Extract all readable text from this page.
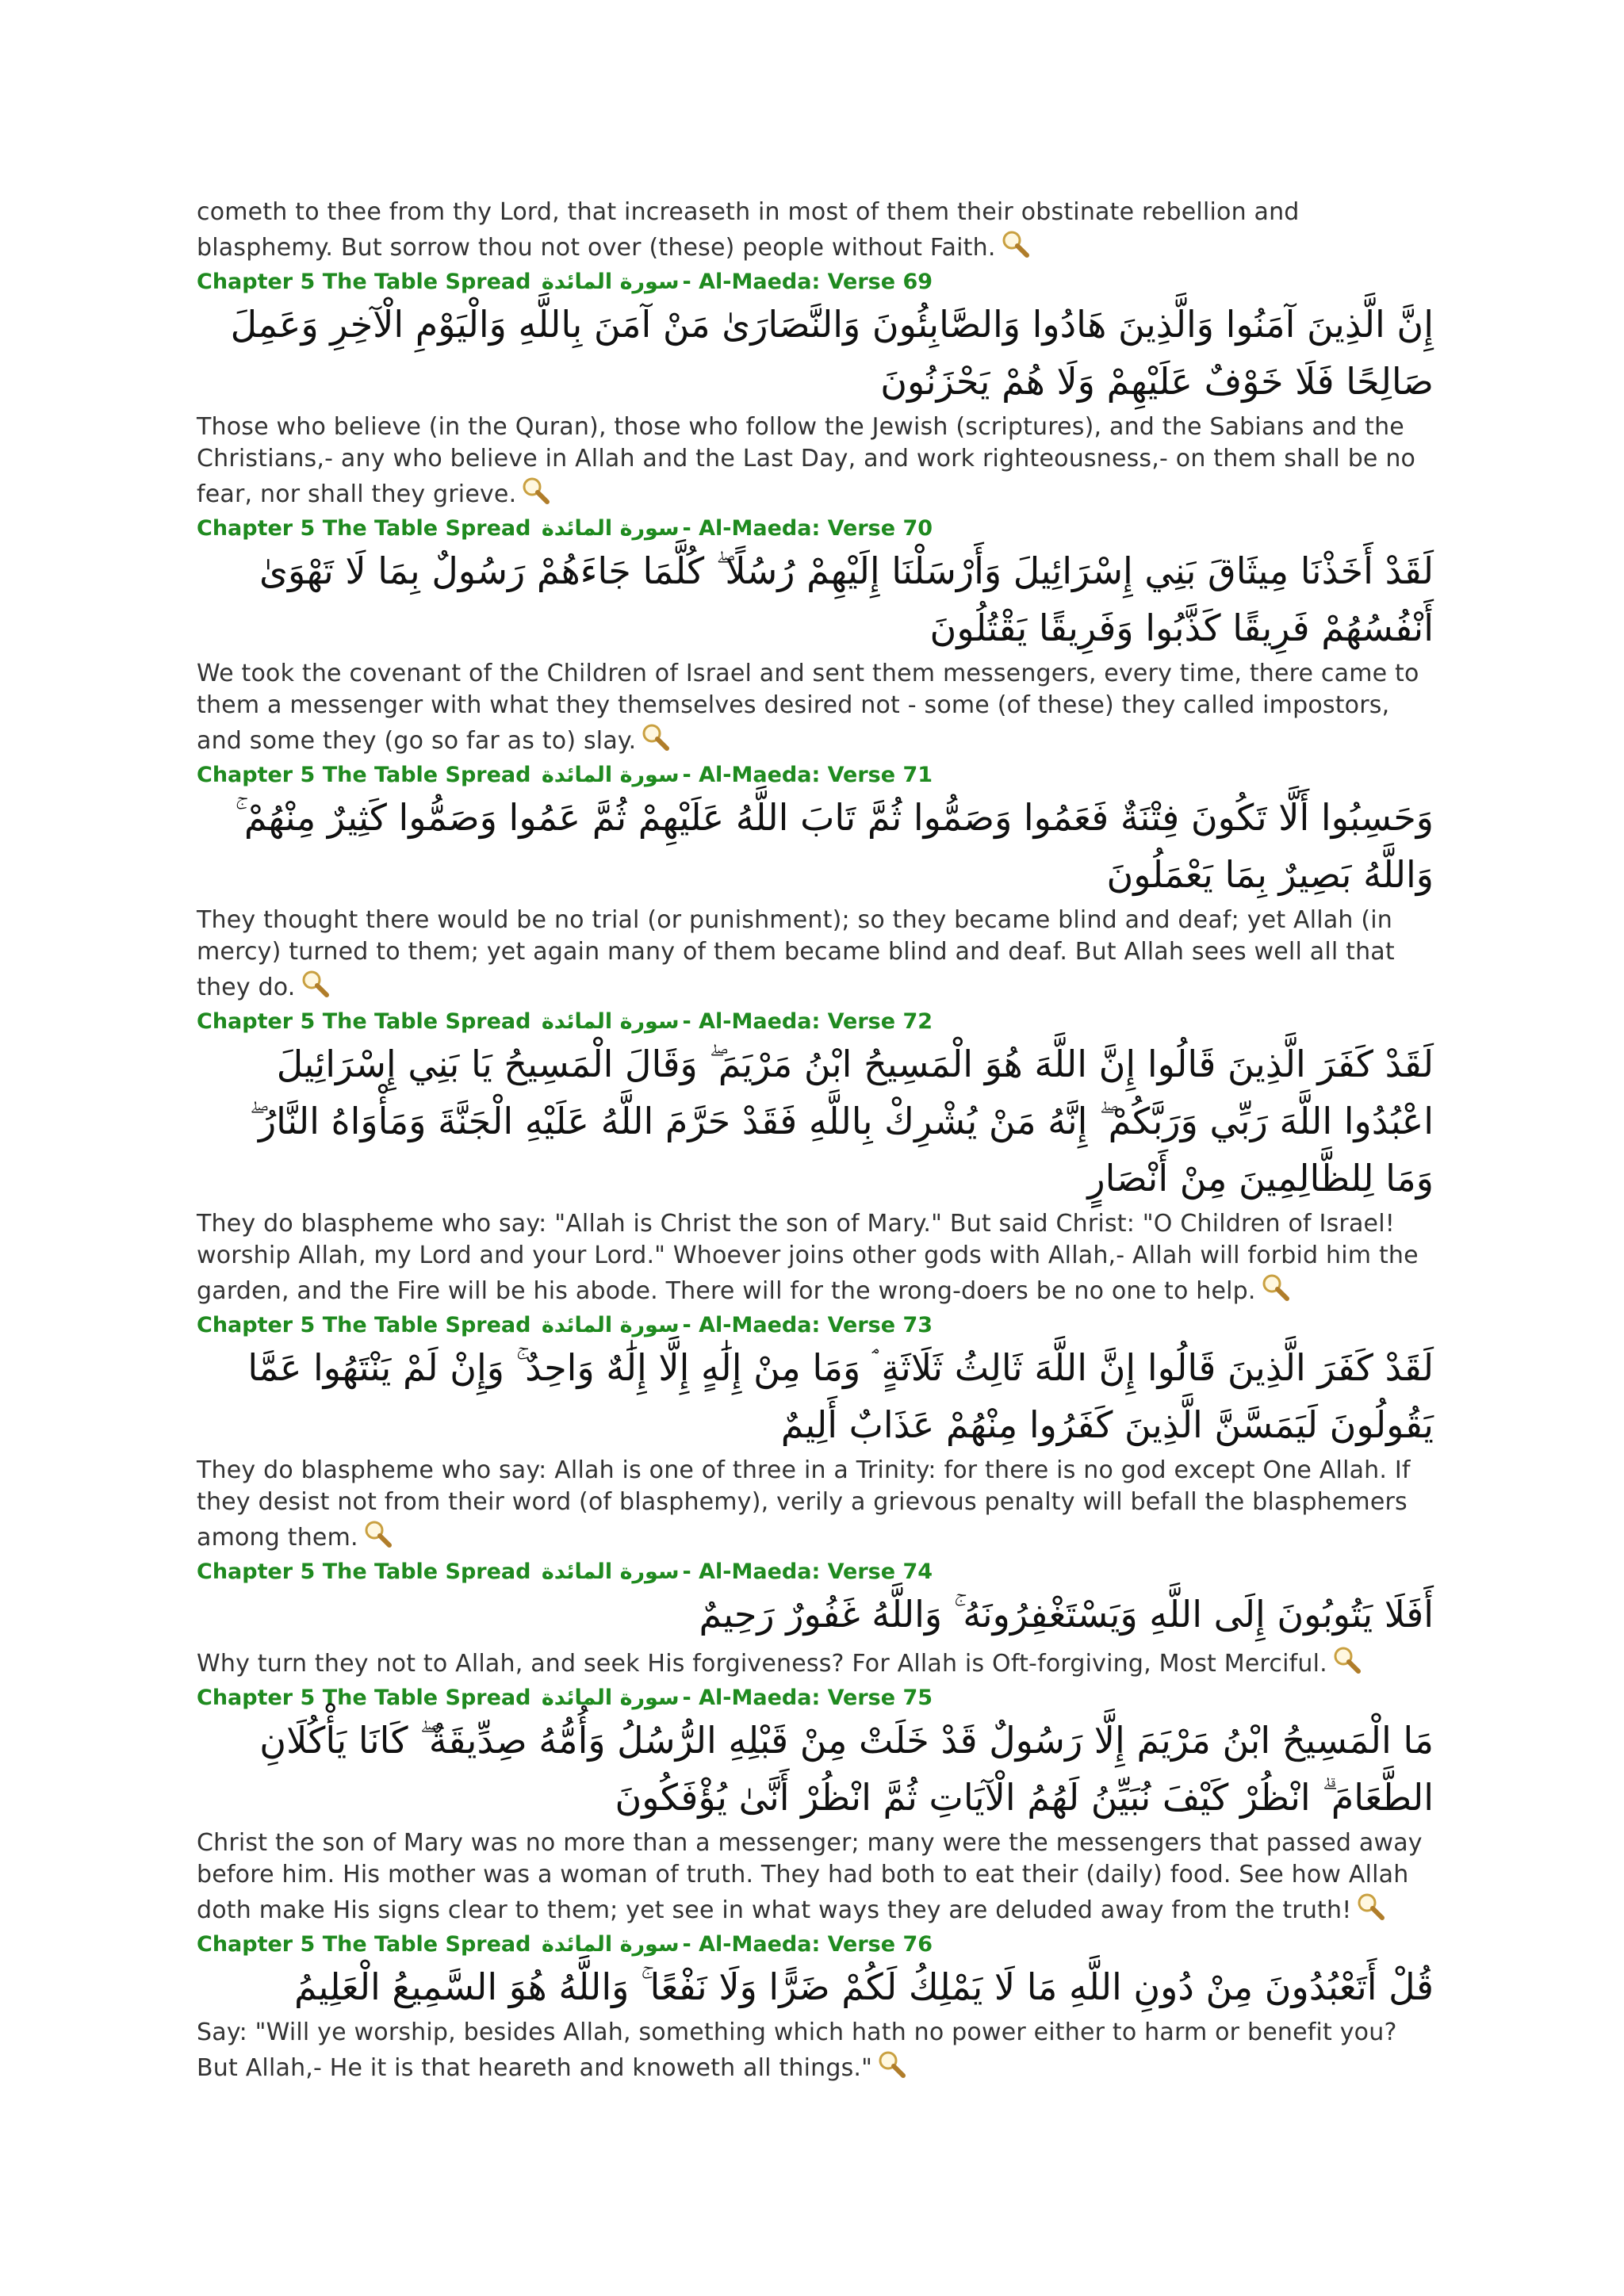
cometh to thee from thy Lord, that increaseth in most of them their obstinate rebellion and blasphemy. But sorrow thou not over (these) people without Faith.

Chapter 5 The Table Spread سورة المائدة - Al-Maeda: Verse 69
إِنَّ الَّذِينَ آمَنُوا وَالَّذِينَ هَادُوا وَالصَّابِئُونَ وَالنَّصَارَىٰ مَنْ آمَنَ بِاللَّهِ وَالْيَوْمِ الْآخِرِ وَعَمِلَ صَالِحًا فَلَا خَوْفٌ عَلَيْهِمْ وَلَا هُمْ يَحْزَنُونَ

Those who believe (in the Quran), those who follow the Jewish (scriptures), and the Sabians and the Christians,- any who believe in Allah and the Last Day, and work righteousness,- on them shall be no fear, nor shall they grieve.

Chapter 5 The Table Spread سورة المائدة - Al-Maeda: Verse 70
لَقَدْ أَخَذْنَا مِيثَاقَ بَنِي إِسْرَائِيلَ وَأَرْسَلْنَا إِلَيْهِمْ رُسُلًا ۖ كُلَّمَا جَاءَهُمْ رَسُولٌ بِمَا لَا تَهْوَىٰ أَنْفُسُهُمْ فَرِيقًا كَذَّبُوا وَفَرِيقًا يَقْتُلُونَ

We took the covenant of the Children of Israel and sent them messengers, every time, there came to them a messenger with what they themselves desired not - some (of these) they called impostors, and some they (go so far as to) slay.

Chapter 5 The Table Spread سورة المائدة - Al-Maeda: Verse 71
وَحَسِبُوا أَلَّا تَكُونَ فِتْنَةٌ فَعَمُوا وَصَمُّوا ثُمَّ تَابَ اللَّهُ عَلَيْهِمْ ثُمَّ عَمُوا وَصَمُّوا كَثِيرٌ مِنْهُمْ ۚ وَاللَّهُ بَصِيرٌ بِمَا يَعْمَلُونَ

They thought there would be no trial (or punishment); so they became blind and deaf; yet Allah (in mercy) turned to them; yet again many of them became blind and deaf. But Allah sees well all that they do.

Chapter 5 The Table Spread سورة المائدة - Al-Maeda: Verse 72
لَقَدْ كَفَرَ الَّذِينَ قَالُوا إِنَّ اللَّهَ هُوَ الْمَسِيحُ ابْنُ مَرْيَمَ ۖ وَقَالَ الْمَسِيحُ يَا بَنِي إِسْرَائِيلَ اعْبُدُوا اللَّهَ رَبِّي وَرَبَّكُمْ ۖ إِنَّهُ مَنْ يُشْرِكْ بِاللَّهِ فَقَدْ حَرَّمَ اللَّهُ عَلَيْهِ الْجَنَّةَ وَمَأْوَاهُ النَّارُ ۖ وَمَا لِلظَّالِمِينَ مِنْ أَنْصَارٍ

They do blaspheme who say: "Allah is Christ the son of Mary." But said Christ: "O Children of Israel! worship Allah, my Lord and your Lord." Whoever joins other gods with Allah,- Allah will forbid him the garden, and the Fire will be his abode. There will for the wrong-doers be no one to help.

Chapter 5 The Table Spread سورة المائدة - Al-Maeda: Verse 73
لَقَدْ كَفَرَ الَّذِينَ قَالُوا إِنَّ اللَّهَ ثَالِثُ ثَلَاثَةٍ ۘ وَمَا مِنْ إِلَٰهٍ إِلَّا إِلَٰهٌ وَاحِدٌ ۚ وَإِنْ لَمْ يَنْتَهُوا عَمَّا يَقُولُونَ لَيَمَسَّنَّ الَّذِينَ كَفَرُوا مِنْهُمْ عَذَابٌ أَلِيمٌ

They do blaspheme who say: Allah is one of three in a Trinity: for there is no god except One Allah. If they desist not from their word (of blasphemy), verily a grievous penalty will befall the blasphemers among them.

Chapter 5 The Table Spread سورة المائدة - Al-Maeda: Verse 74
أَفَلَا يَتُوبُونَ إِلَى اللَّهِ وَيَسْتَغْفِرُونَهُ ۚ وَاللَّهُ غَفُورٌ رَحِيمٌ

Why turn they not to Allah, and seek His forgiveness? For Allah is Oft-forgiving, Most Merciful.

Chapter 5 The Table Spread سورة المائدة - Al-Maeda: Verse 75
مَا الْمَسِيحُ ابْنُ مَرْيَمَ إِلَّا رَسُولٌ قَدْ خَلَتْ مِنْ قَبْلِهِ الرُّسُلُ وَأُمُّهُ صِدِّيقَةٌ ۖ كَانَا يَأْكُلَانِ الطَّعَامَ ۗ انْظُرْ كَيْفَ نُبَيِّنُ لَهُمُ الْآيَاتِ ثُمَّ انْظُرْ أَنَّىٰ يُؤْفَكُونَ

Christ the son of Mary was no more than a messenger; many were the messengers that passed away before him. His mother was a woman of truth. They had both to eat their (daily) food. See how Allah doth make His signs clear to them; yet see in what ways they are deluded away from the truth!

Chapter 5 The Table Spread سورة المائدة - Al-Maeda: Verse 76
قُلْ أَتَعْبُدُونَ مِنْ دُونِ اللَّهِ مَا لَا يَمْلِكُ لَكُمْ ضَرًّا وَلَا نَفْعًا ۚ وَاللَّهُ هُوَ السَّمِيعُ الْعَلِيمُ

Say: "Will ye worship, besides Allah, something which hath no power either to harm or benefit you? But Allah,- He it is that heareth and knoweth all things."
